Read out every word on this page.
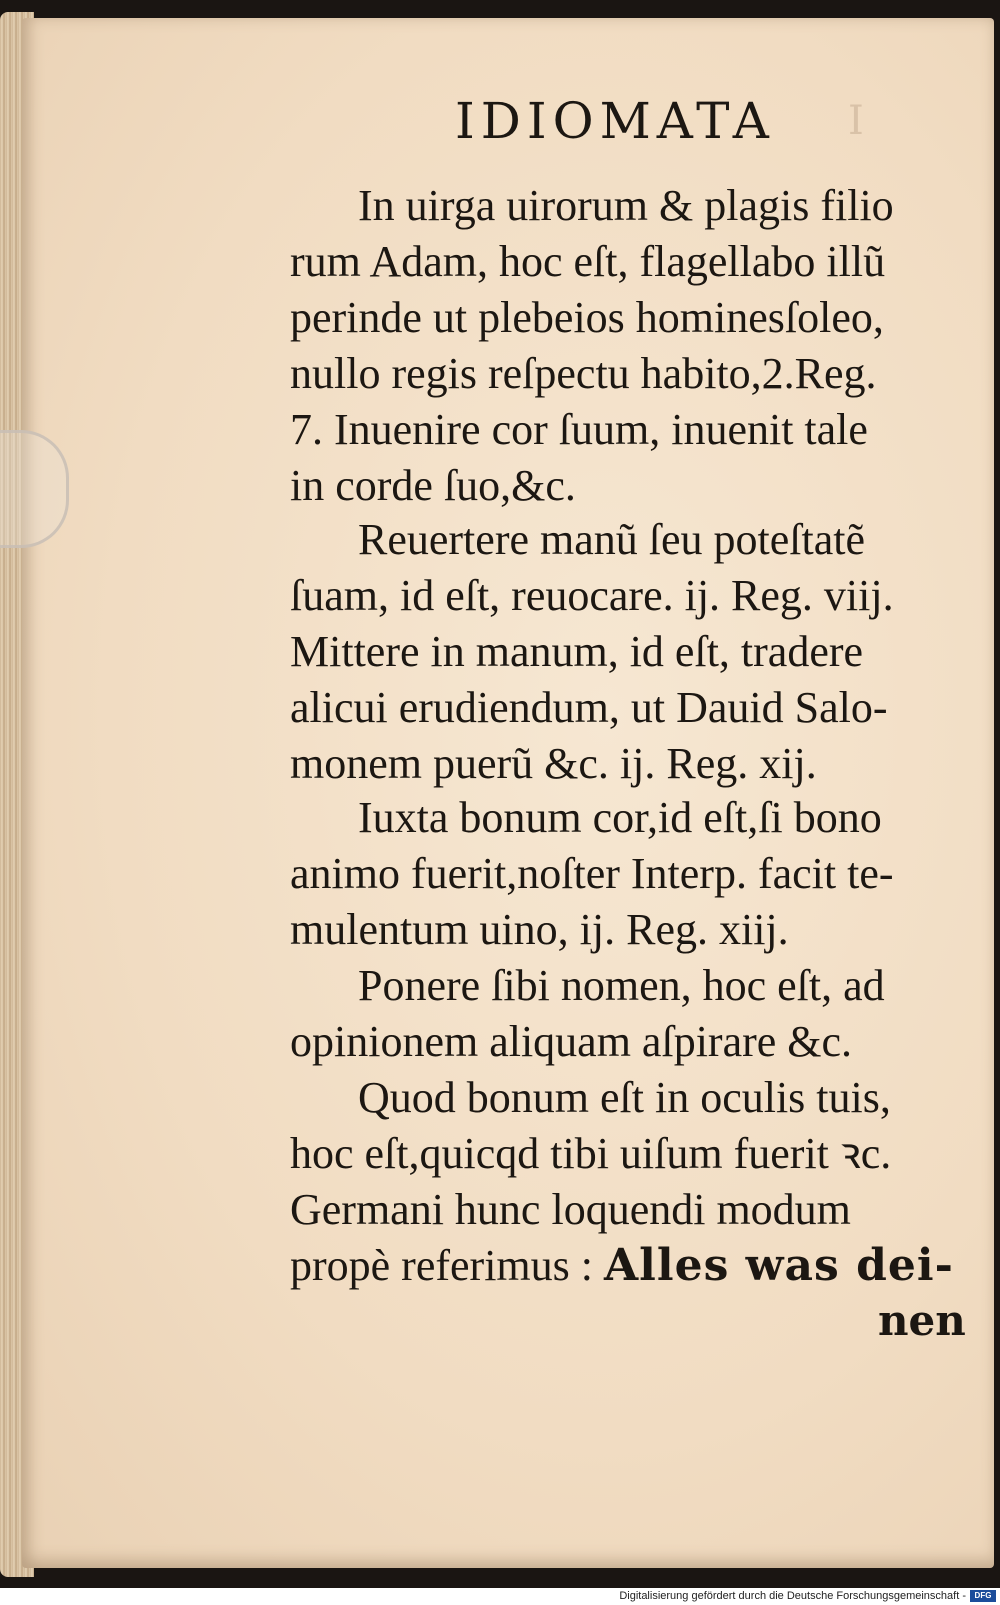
IDIOMATA I
In uirga uirorum & plagis filio
rum Adam, hoc eſt, flagellabo illũ
perinde ut plebeios hominesſoleo,
nullo regis reſpectu habito,2.Reg.
7. Inuenire cor ſuum, inuenit tale
in corde ſuo,&c.
Reuertere manũ ſeu poteſtatẽ
ſuam, id eſt, reuocare. ij. Reg. viij.
Mittere in manum, id eſt, tradere
alicui erudiendum, ut Dauid Salo-
monem puerũ &c. ij. Reg. xij.
Iuxta bonum cor,id eſt,ſi bono
animo fuerit,noſter Interp. facit te-
mulentum uino, ij. Reg. xiij.
Ponere ſibi nomen, hoc eſt, ad
opinionem aliquam aſpirare &c.
Quod bonum eſt in oculis tuis,
hoc eſt,quicqd tibi uiſum fuerit ꝛc.
Germani hunc loquendi modum
propè referimus : Alles was dei-
nen
Digitalisierung gefördert durch die Deutsche Forschungsgemeinschaft -	DFG
